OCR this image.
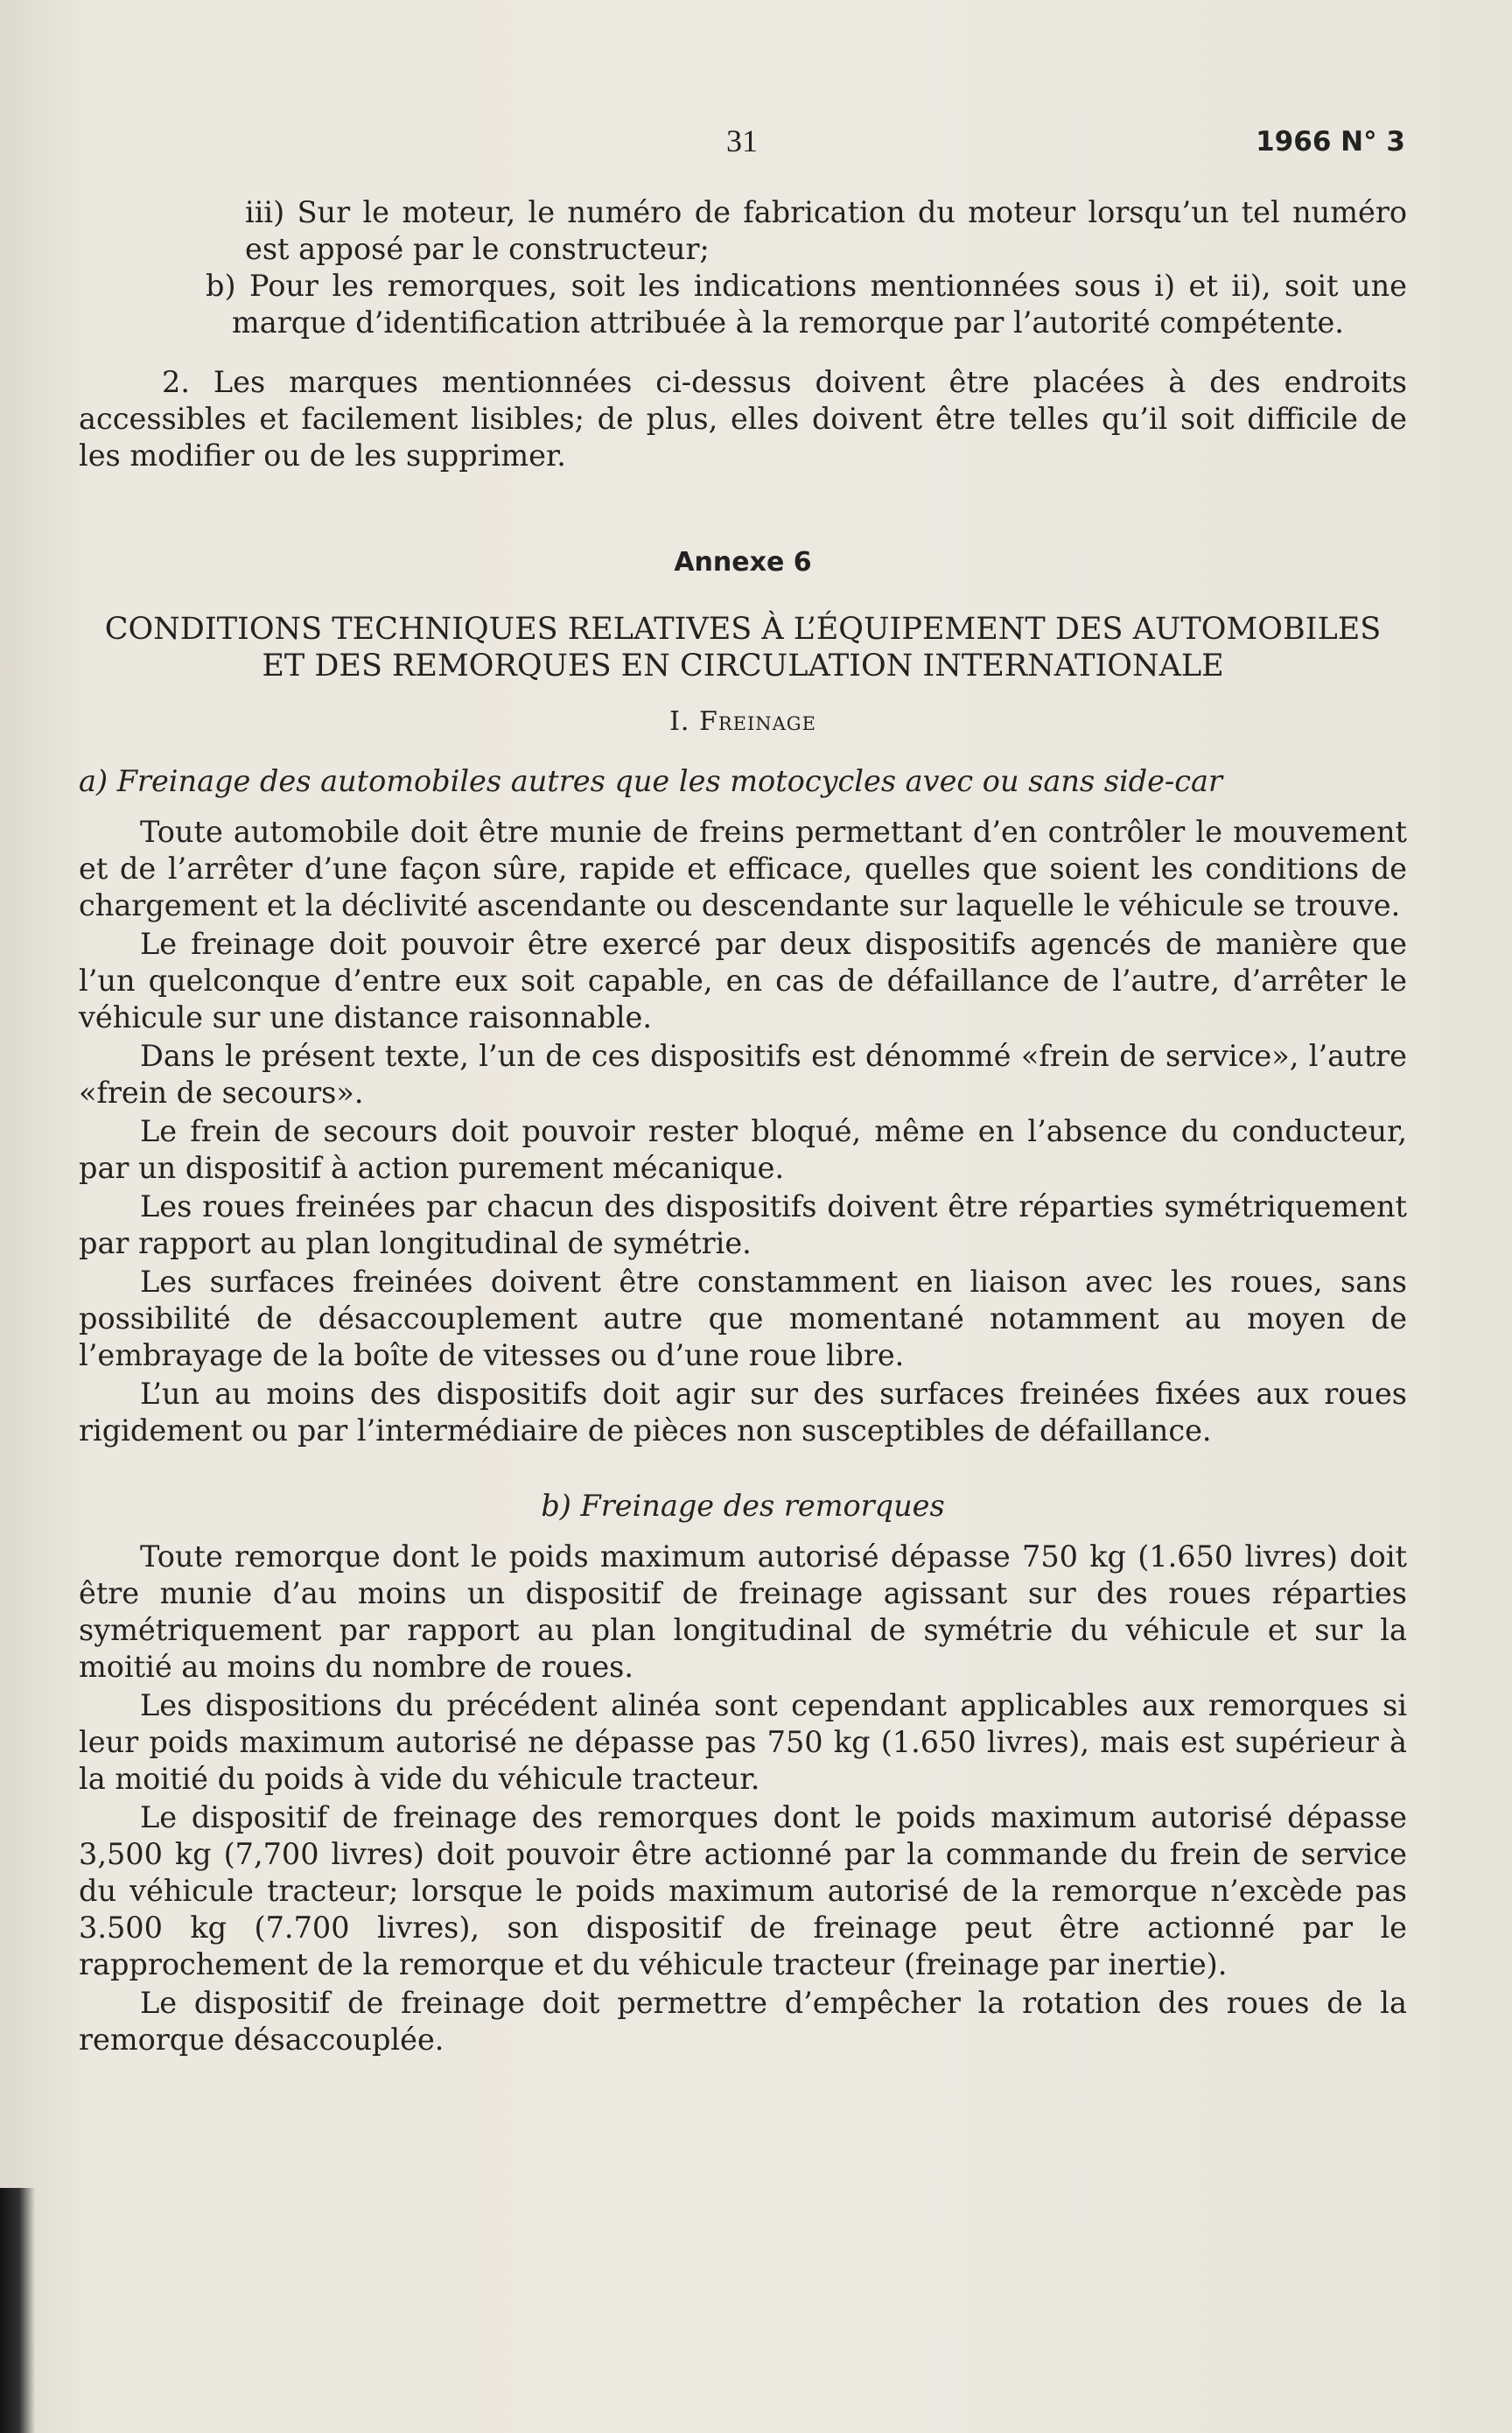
31	1966 N° 3

iii) Sur le moteur, le numéro de fabrication du moteur lorsqu’un tel numéro est apposé par le constructeur;

b) Pour les remorques, soit les indications mentionnées sous i) et ii), soit une marque d’identification attribuée à la remorque par l’autorité compétente.

2. Les marques mentionnées ci-dessus doivent être placées à des endroits accessibles et facilement lisibles; de plus, elles doivent être telles qu’il soit difficile de les modifier ou de les supprimer.

Annexe 6
CONDITIONS TECHNIQUES RELATIVES À L’ÉQUIPEMENT DES AUTOMOBILES ET DES REMORQUES EN CIRCULATION INTERNATIONALE
I. Freinage

a) Freinage des automobiles autres que les motocycles avec ou sans side-car

Toute automobile doit être munie de freins permettant d’en contrôler le mouvement et de l’arrêter d’une façon sûre, rapide et efficace, quelles que soient les conditions de chargement et la déclivité ascendante ou descendante sur laquelle le véhicule se trouve.

Le freinage doit pouvoir être exercé par deux dispositifs agencés de manière que l’un quelconque d’entre eux soit capable, en cas de défaillance de l’autre, d’arrêter le véhicule sur une distance raisonnable.

Dans le présent texte, l’un de ces dispositifs est dénommé «frein de service», l’autre «frein de secours».

Le frein de secours doit pouvoir rester bloqué, même en l’absence du conducteur, par un dispositif à action purement mécanique.

Les roues freinées par chacun des dispositifs doivent être réparties symétriquement par rapport au plan longitudinal de symétrie.

Les surfaces freinées doivent être constamment en liaison avec les roues, sans possibilité de désaccouplement autre que momentané notamment au moyen de l’embrayage de la boîte de vitesses ou d’une roue libre.

L’un au moins des dispositifs doit agir sur des surfaces freinées fixées aux roues rigidement ou par l’intermédiaire de pièces non susceptibles de défaillance.

b) Freinage des remorques

Toute remorque dont le poids maximum autorisé dépasse 750 kg (1.650 livres) doit être munie d’au moins un dispositif de freinage agissant sur des roues réparties symétriquement par rapport au plan longitudinal de symétrie du véhicule et sur la moitié au moins du nombre de roues.

Les dispositions du précédent alinéa sont cependant applicables aux remorques si leur poids maximum autorisé ne dépasse pas 750 kg (1.650 livres), mais est supérieur à la moitié du poids à vide du véhicule tracteur.

Le dispositif de freinage des remorques dont le poids maximum autorisé dépasse 3,500 kg (7,700 livres) doit pouvoir être actionné par la commande du frein de service du véhicule tracteur; lorsque le poids maximum autorisé de la remorque n’excède pas 3.500 kg (7.700 livres), son dispositif de freinage peut être actionné par le rapprochement de la remorque et du véhicule tracteur (freinage par inertie).

Le dispositif de freinage doit permettre d’empêcher la rotation des roues de la remorque désaccouplée.
